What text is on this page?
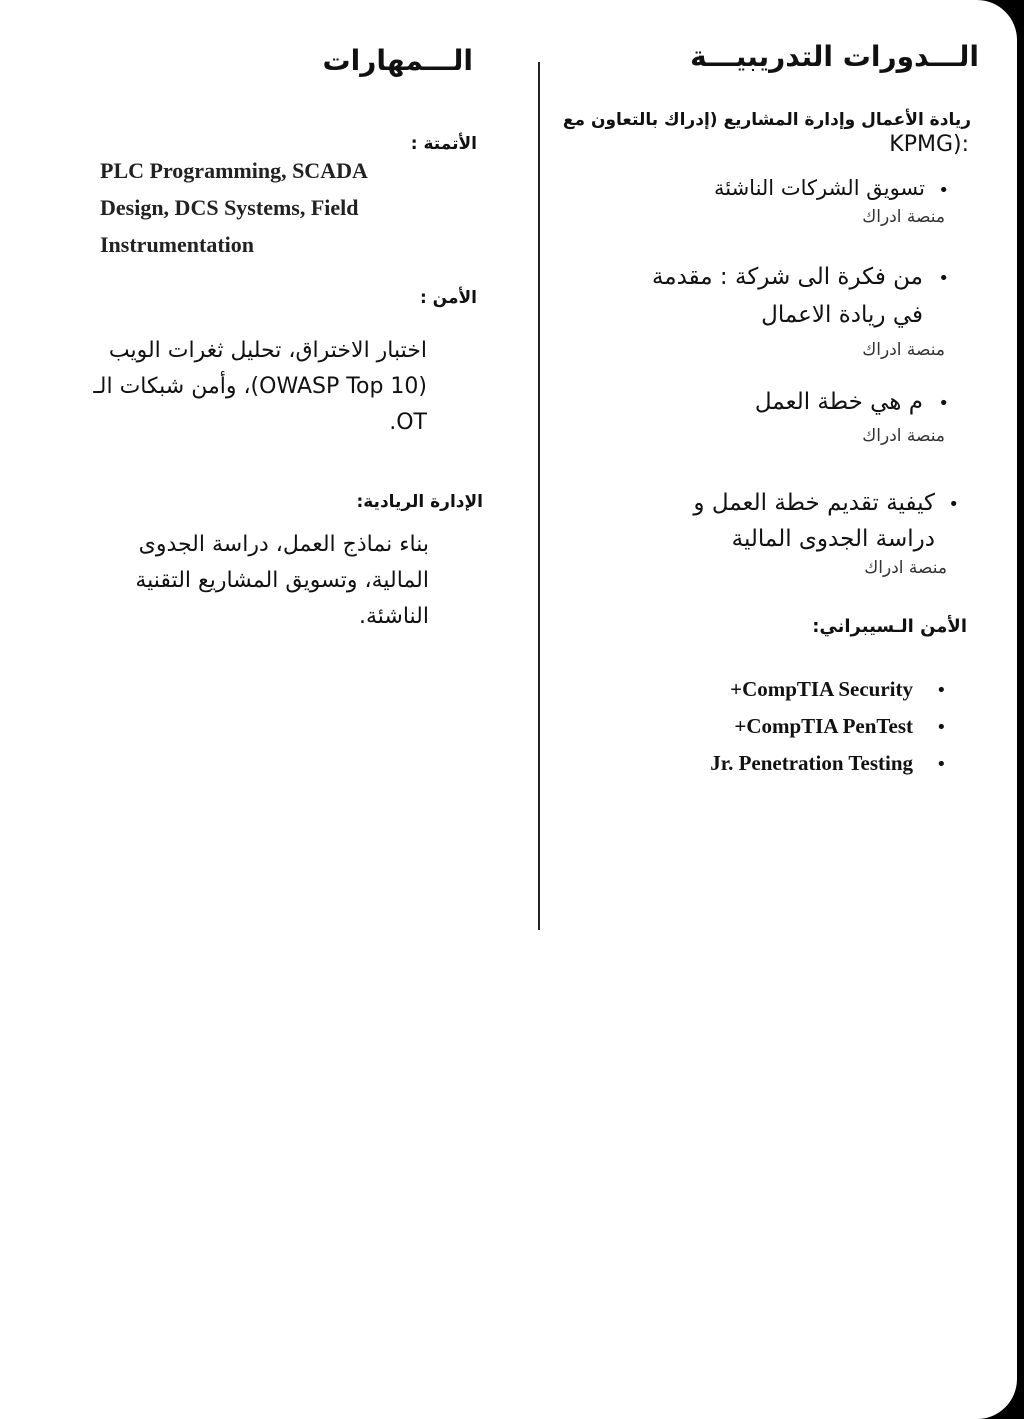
الـــدورات التدريبيـــة
ريادة الأعمال وإدارة المشاريع (إدراك بالتعاون مع
KPMG):
•
تسويق الشركات الناشئة
منصة ادراك
•
من فكرة الى شركة : مقدمة
في ريادة الاعمال
منصة ادراك
•
م هي خطة العمل
منصة ادراك
•
كيفية تقديم خطة العمل و
دراسة الجدوى المالية
منصة ادراك
الأمن الـسيبراني:
•
+CompTIA Security
•
+CompTIA PenTest
•
Jr. Penetration Testing
الـــمهارات
الأتمتة :
PLC Programming, SCADA
Design, DCS Systems, Field
Instrumentation
الأمن :
اختبار الاختراق، تحليل ثغرات الويب
(OWASP Top 10)، وأمن شبكات الـ
OT.
الإدارة الريادية:
بناء نماذج العمل، دراسة الجدوى
المالية، وتسويق المشاريع التقنية
الناشئة.
